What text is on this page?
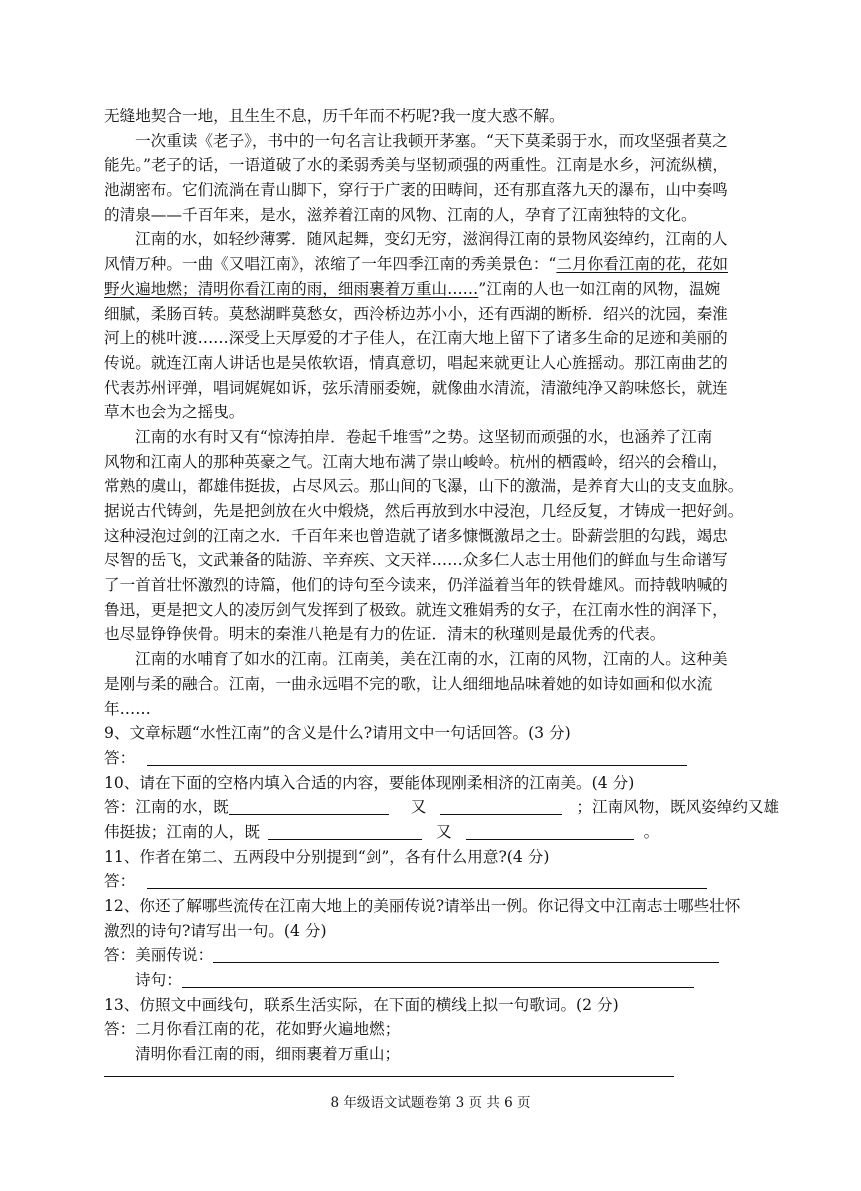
无缝地契合一地，且生生不息，历千年而不朽呢?我一度大惑不解。
一次重读《老子》，书中的一句名言让我顿开茅塞。“天下莫柔弱于水，而攻坚强者莫之
能先。”老子的话，一语道破了水的柔弱秀美与坚韧顽强的两重性。江南是水乡，河流纵横，
池湖密布。它们流淌在青山脚下，穿行于广袤的田畴间，还有那直落九天的瀑布，山中奏鸣
的清泉——千百年来，是水，滋养着江南的风物、江南的人，孕育了江南独特的文化。
江南的水，如轻纱薄雾．随风起舞，变幻无穷，滋润得江南的景物风姿绰约，江南的人
风情万种。一曲《又唱江南》，浓缩了一年四季江南的秀美景色：“二月你看江南的花，花如
野火遍地燃；清明你看江南的雨，细雨裹着万重山……”江南的人也一如江南的风物，温婉
细腻，柔肠百转。莫愁湖畔莫愁女，西泠桥边苏小小，还有西湖的断桥．绍兴的沈园，秦淮
河上的桃叶渡……深受上天厚爱的才子佳人，在江南大地上留下了诸多生命的足迹和美丽的
传说。就连江南人讲话也是吴侬软语，情真意切，唱起来就更让人心旌摇动。那江南曲艺的
代表苏州评弹，唱词娓娓如诉，弦乐清丽委婉，就像曲水清流，清澈纯净又韵味悠长，就连
草木也会为之摇曳。
江南的水有时又有“惊涛拍岸．卷起千堆雪”之势。这坚韧而顽强的水，也涵养了江南
风物和江南人的那种英豪之气。江南大地布满了崇山峻岭。杭州的栖霞岭，绍兴的会稽山，
常熟的虞山，都雄伟挺拔，占尽风云。那山间的飞瀑，山下的激湍，是养育大山的支支血脉。
据说古代铸剑，先是把剑放在火中煅烧，然后再放到水中浸泡，几经反复，才铸成一把好剑。
这种浸泡过剑的江南之水．千百年来也曾造就了诸多慷慨激昂之士。卧薪尝胆的勾践，竭忠
尽智的岳飞，文武兼备的陆游、辛弃疾、文天祥……众多仁人志士用他们的鲜血与生命谱写
了一首首壮怀激烈的诗篇，他们的诗句至今读来，仍洋溢着当年的铁骨雄风。而持戟呐喊的
鲁迅，更是把文人的凌厉剑气发挥到了极致。就连文雅娟秀的女子，在江南水性的润泽下，
也尽显铮铮侠骨。明末的秦淮八艳是有力的佐证．清末的秋瑾则是最优秀的代表。
江南的水哺育了如水的江南。江南美，美在江南的水，江南的风物，江南的人。这种美
是刚与柔的融合。江南，一曲永远唱不完的歌，让人细细地品味着她的如诗如画和似水流
年……
9、文章标题“水性江南”的含义是什么?请用文中一句话回答。(3 分)
答：
10、请在下面的空格内填入合适的内容，要能体现刚柔相济的江南美。(4 分)
答：江南的水，既	又	；江南风物，既风姿绰约又雄
伟挺拔；江南的人，既	又	。
11、作者在第二、五两段中分别提到“剑”，各有什么用意?(4 分)
答：
12、你还了解哪些流传在江南大地上的美丽传说?请举出一例。你记得文中江南志士哪些壮怀
激烈的诗句?请写出一句。(4 分)
答：美丽传说：
诗句：
13、仿照文中画线句，联系生活实际，在下面的横线上拟一句歌词。(2 分)
答：二月你看江南的花，花如野火遍地燃；
清明你看江南的雨，细雨裹着万重山；
8 年级语文试题卷第 3 页 共 6 页
